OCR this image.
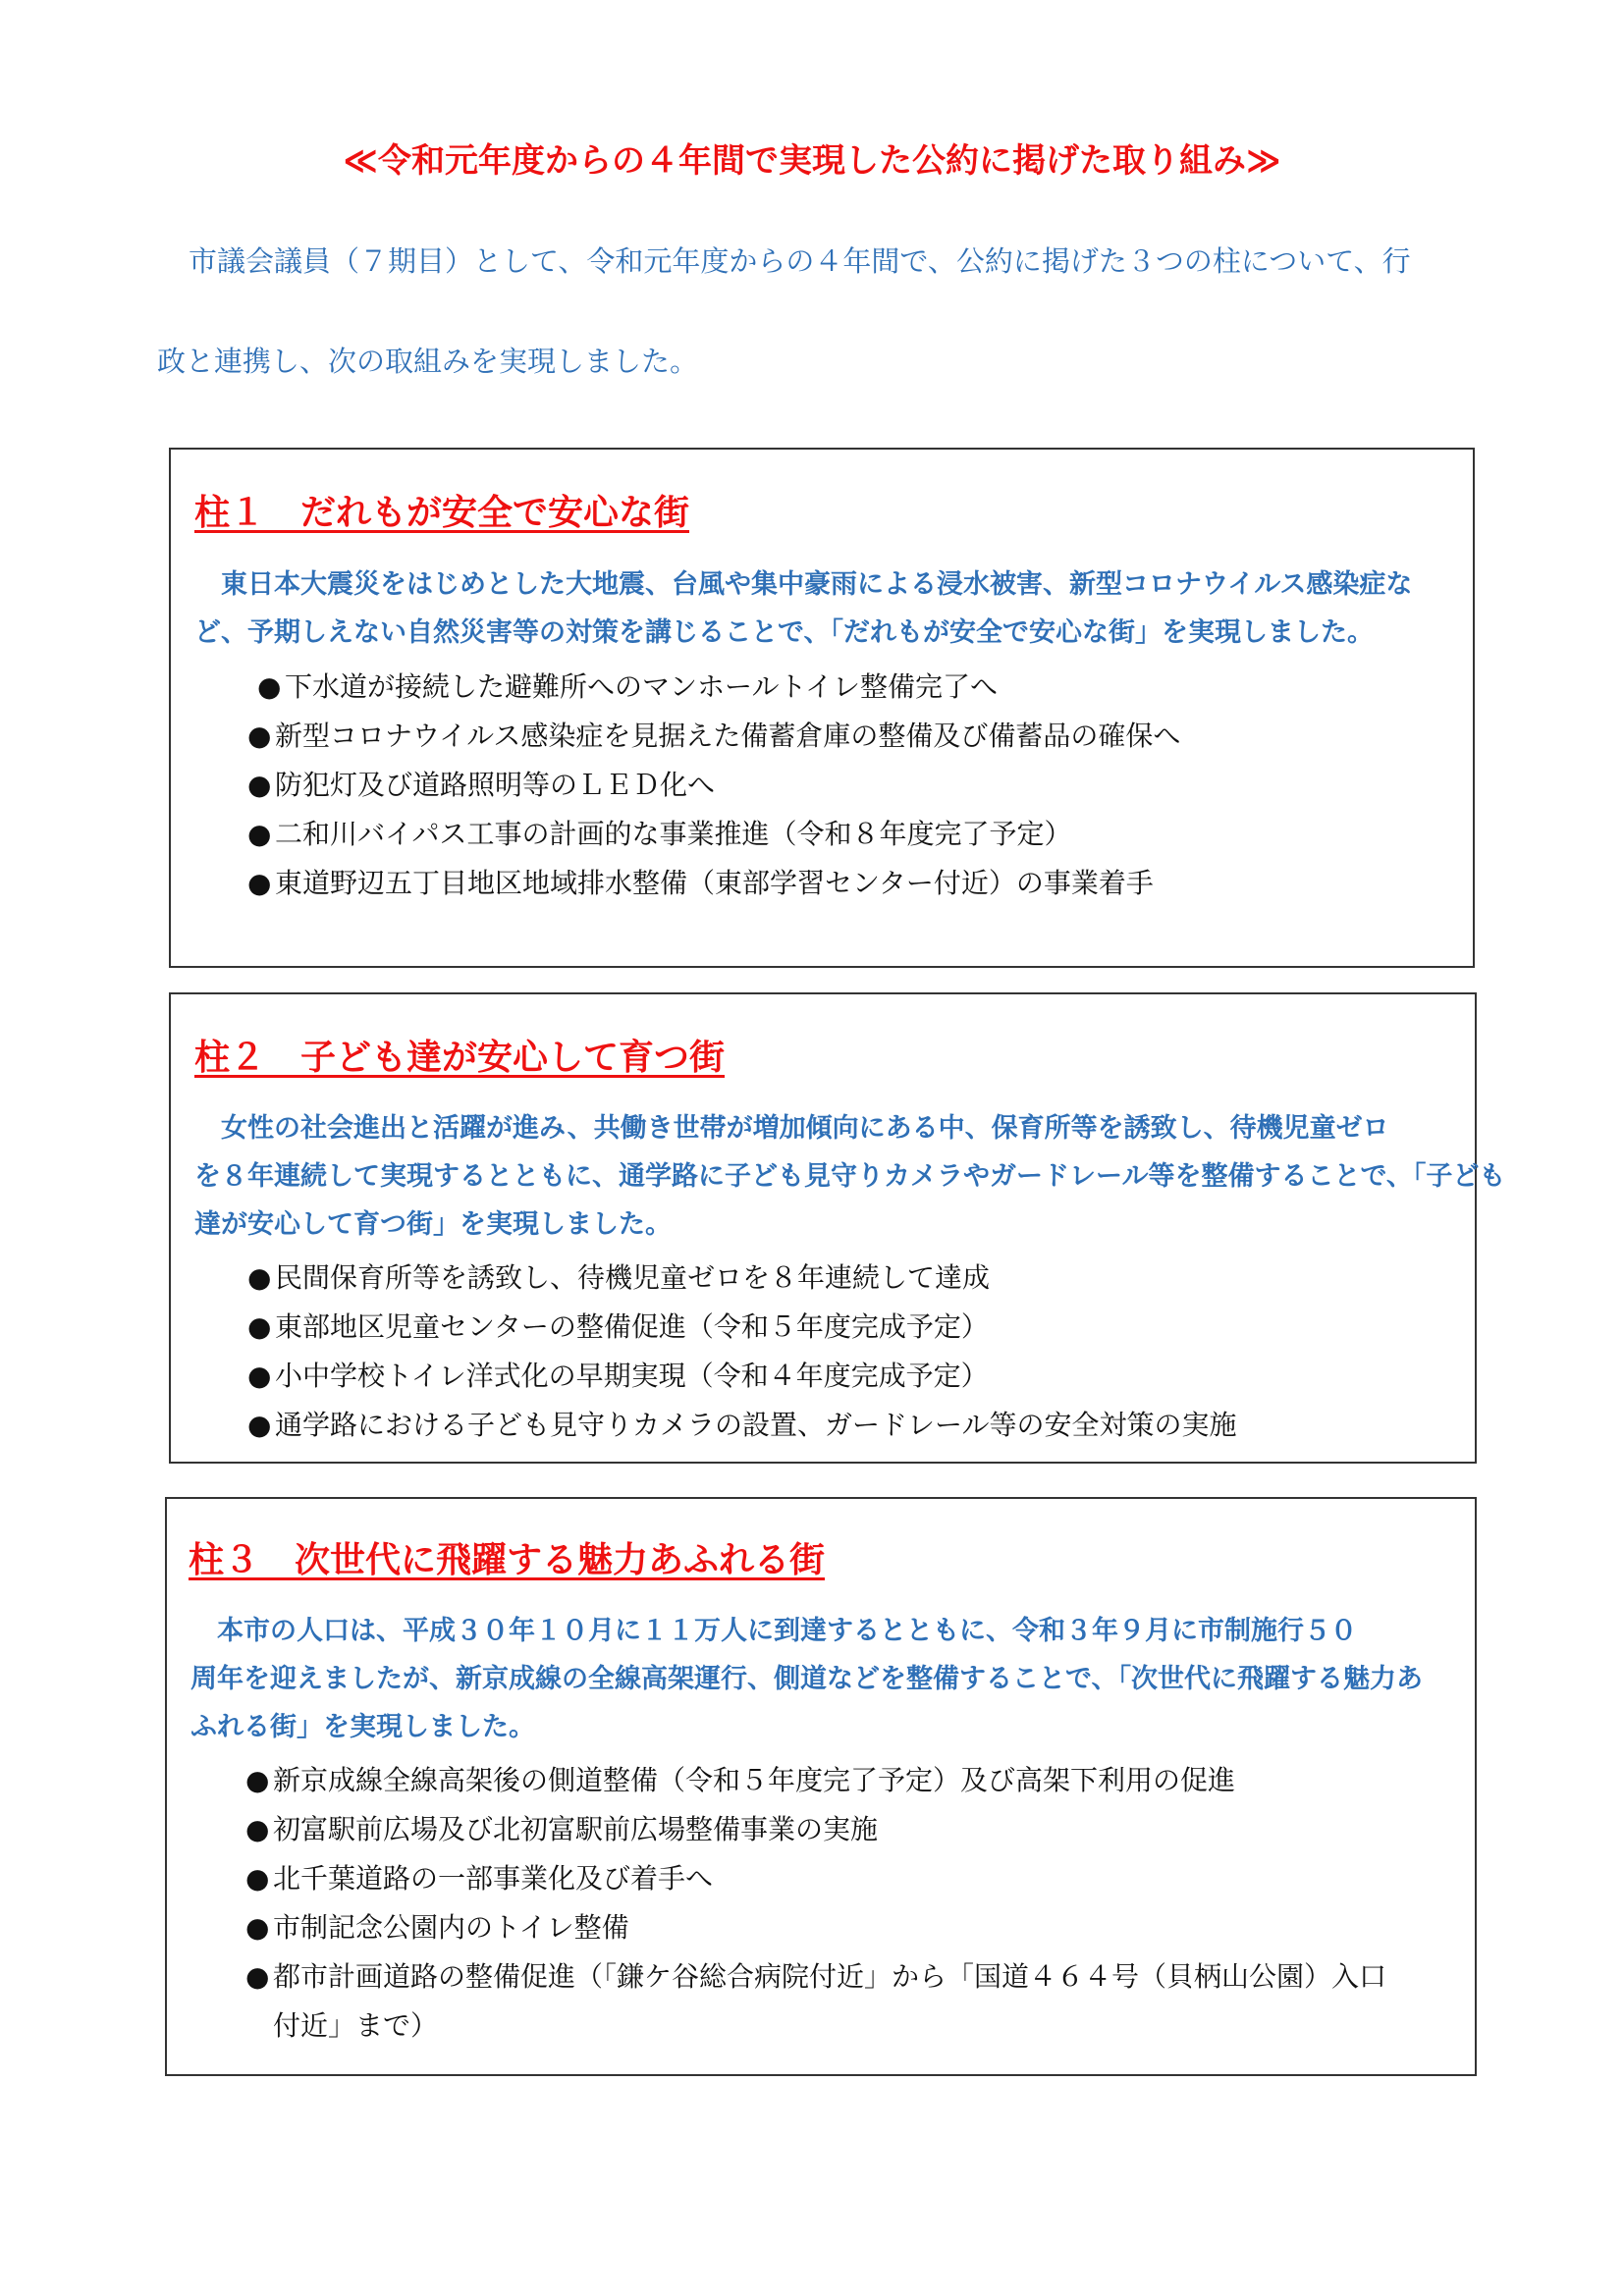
≪令和元年度からの４年間で実現した公約に掲げた取り組み≫
市議会議員（７期目）として、令和元年度からの４年間で、公約に掲げた３つの柱について、行
政と連携し、次の取組みを実現しました。
柱１　だれもが安全で安心な街
東日本大震災をはじめとした大地震、台風や集中豪雨による浸水被害、新型コロナウイルス感染症な
ど、予期しえない自然災害等の対策を講じることで、「だれもが安全で安心な街」を実現しました。
● 下水道が接続した避難所へのマンホールトイレ整備完了へ
● 新型コロナウイルス感染症を見据えた備蓄倉庫の整備及び備蓄品の確保へ
● 防犯灯及び道路照明等のＬＥＤ化へ
● 二和川バイパス工事の計画的な事業推進（令和８年度完了予定）
● 東道野辺五丁目地区地域排水整備（東部学習センター付近）の事業着手
柱２　子ども達が安心して育つ街
女性の社会進出と活躍が進み、共働き世帯が増加傾向にある中、保育所等を誘致し、待機児童ゼロ
を８年連続して実現するとともに、通学路に子ども見守りカメラやガードレール等を整備することで、「子ども
達が安心して育つ街」を実現しました。
● 民間保育所等を誘致し、待機児童ゼロを８年連続して達成
● 東部地区児童センターの整備促進（令和５年度完成予定）
● 小中学校トイレ洋式化の早期実現（令和４年度完成予定）
● 通学路における子ども見守りカメラの設置、ガードレール等の安全対策の実施
柱３　次世代に飛躍する魅力あふれる街
本市の人口は、平成３０年１０月に１１万人に到達するとともに、令和３年９月に市制施行５０
周年を迎えましたが、新京成線の全線高架運行、側道などを整備することで、「次世代に飛躍する魅力あ
ふれる街」を実現しました。
● 新京成線全線高架後の側道整備（令和５年度完了予定）及び高架下利用の促進
● 初富駅前広場及び北初富駅前広場整備事業の実施
● 北千葉道路の一部事業化及び着手へ
● 市制記念公園内のトイレ整備
● 都市計画道路の整備促進（「鎌ケ谷総合病院付近」から「国道４６４号（貝柄山公園）入口
付近」まで）
